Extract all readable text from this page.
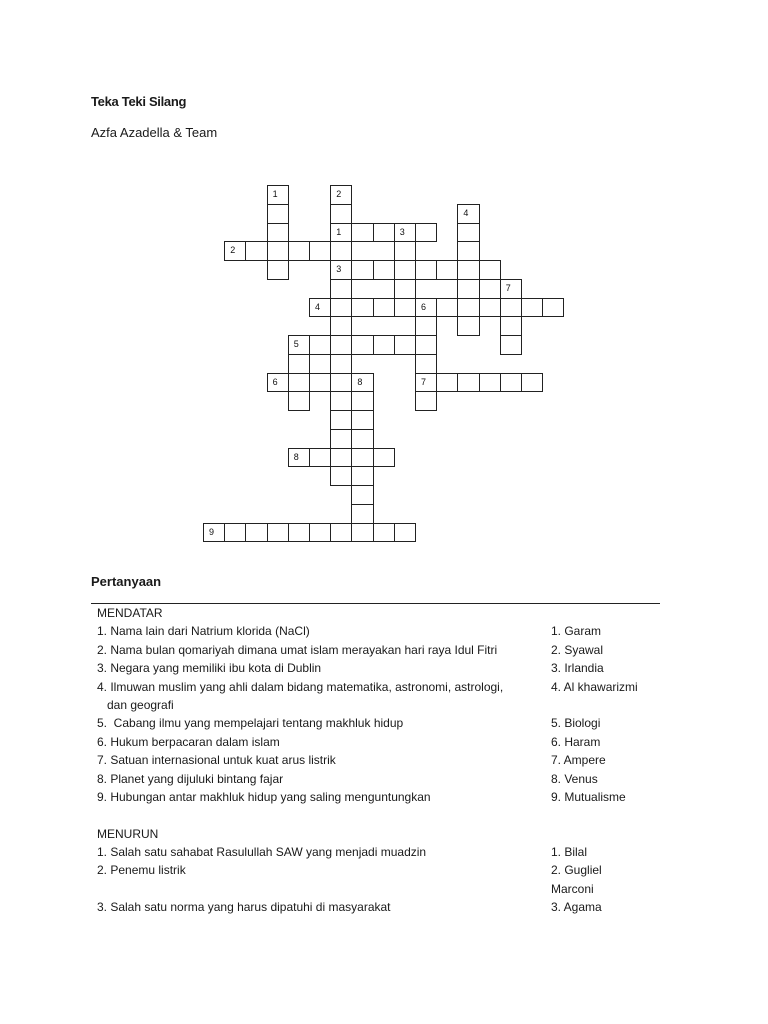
Teka Teki Silang
Azfa Azadella & Team
1	2
4
1	3
2
3
7
4	6
5
6	8	7
8
9
Pertanyaan
MENDATAR
1. Nama lain dari Natrium klorida (NaCl)	1. Garam
2. Nama bulan qomariyah dimana umat islam merayakan hari raya Idul Fitri	2. Syawal
3. Negara yang memiliki ibu kota di Dublin	3. Irlandia
4. Ilmuwan muslim yang ahli dalam bidang matematika, astronomi, astrologi,	4. Al khawarizmi
dan geografi
5.  Cabang ilmu yang mempelajari tentang makhluk hidup	5. Biologi
6. Hukum berpacaran dalam islam	6. Haram
7. Satuan internasional untuk kuat arus listrik	7. Ampere
8. Planet yang dijuluki bintang fajar	8. Venus
9. Hubungan antar makhluk hidup yang saling menguntungkan	9. Mutualisme
MENURUN
1. Salah satu sahabat Rasulullah SAW yang menjadi muadzin	1. Bilal
2. Penemu listrik	2. Gugliel
Marconi
3. Salah satu norma yang harus dipatuhi di masyarakat	3. Agama
